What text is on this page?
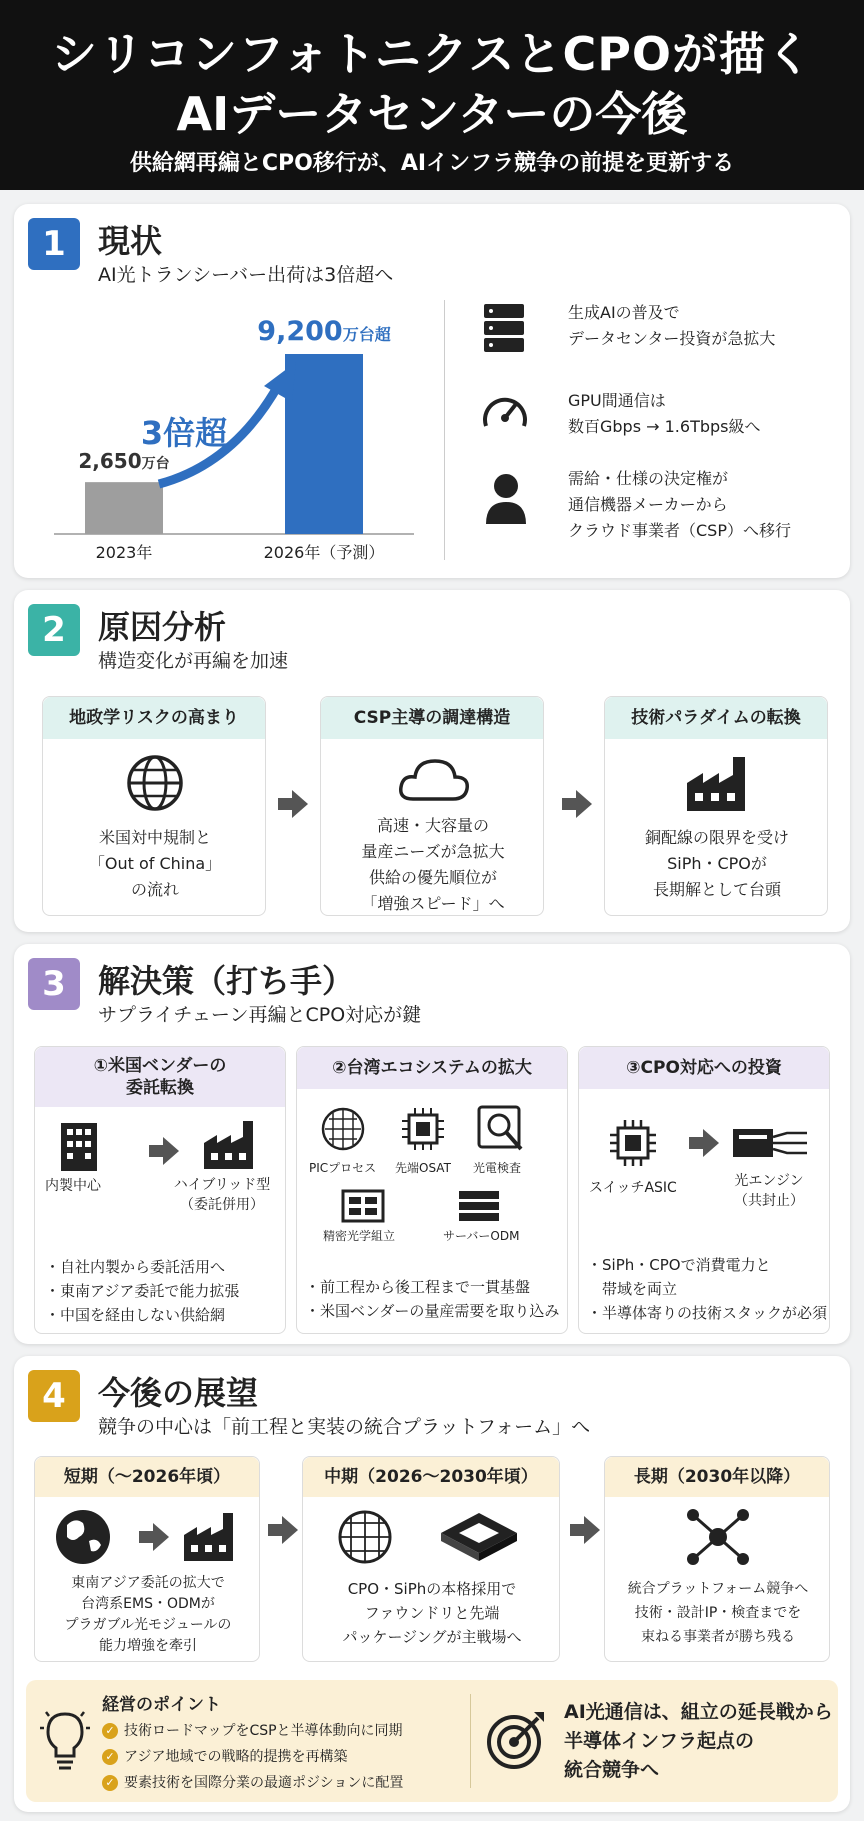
シリコンフォトニクスとCPOが描く
AIデータセンターの今後
供給網再編とCPO移行が、AIインフラ競争の前提を更新する
1	現状
AI光トランシーバー出荷は3倍超へ
2,650万台
9,200万台超
2023年	2026年（予測）
3倍超
生成AIの普及で
データセンター投資が急拡大
GPU間通信は
数百Gbps → 1.6Tbps級へ
需給・仕様の決定権が
通信機器メーカーから
クラウド事業者（CSP）へ移行
2	原因分析
構造変化が再編を加速
地政学リスクの高まり
米国対中規制と
「Out of China」
の流れ
CSP主導の調達構造
高速・大容量の
量産ニーズが急拡大
供給の優先順位が
「増強スピード」へ
技術パラダイムの転換
銅配線の限界を受け
SiPh・CPOが
長期解として台頭
3	解決策（打ち手）
サプライチェーン再編とCPO対応が鍵
①米国ベンダーの
委託転換
内製中心	ハイブリッド型
（委託併用）
・自社内製から委託活用へ
・東南アジア委託で能力拡張
・中国を経由しない供給網
②台湾エコシステムの拡大
PICプロセス 先端OSAT 光電検査
精密光学組立	サーバーODM
・前工程から後工程まで一貫基盤
・米国ベンダーの量産需要を取り込み
③CPO対応への投資
スイッチASIC	光エンジン
（共封止）
・SiPh・CPOで消費電力と
　帯域を両立
・半導体寄りの技術スタックが必須
4	今後の展望
競争の中心は「前工程と実装の統合プラットフォーム」へ
短期（〜2026年頃）
東南アジア委託の拡大で
台湾系EMS・ODMが
プラガブル光モジュールの
能力増強を牽引
中期（2026〜2030年頃）
CPO・SiPhの本格採用で
ファウンドリと先端
パッケージングが主戦場へ
長期（2030年以降）
統合プラットフォーム競争へ
技術・設計IP・検査までを
束ねる事業者が勝ち残る
経営のポイント
✓ 技術ロードマップをCSPと半導体動向に同期
✓ アジア地域での戦略的提携を再構築
✓ 要素技術を国際分業の最適ポジションに配置
AI光通信は、組立の延長戦から
半導体インフラ起点の
統合競争へ
